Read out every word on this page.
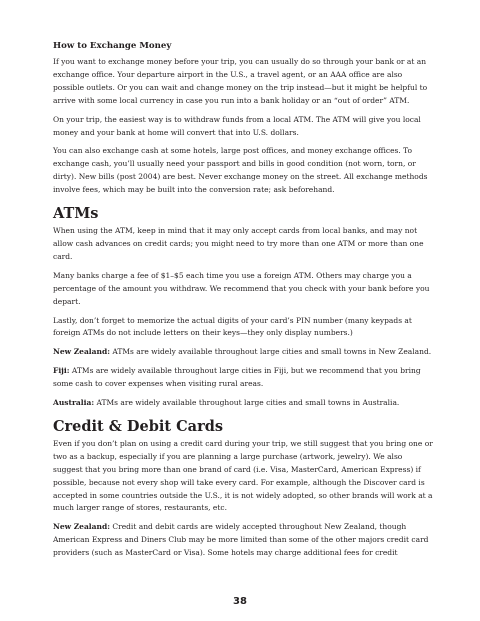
How to Exchange Money

If you want to exchange money before your trip, you can usually do so through your bank or at an exchange office. Your departure airport in the U.S., a travel agent, or an AAA office are also possible outlets. Or you can wait and change money on the trip instead—but it might be helpful to arrive with some local currency in case you run into a bank holiday or an “out of order” ATM.

On your trip, the easiest way is to withdraw funds from a local ATM. The ATM will give you local money and your bank at home will convert that into U.S. dollars.

You can also exchange cash at some hotels, large post offices, and money exchange offices. To exchange cash, you’ll usually need your passport and bills in good condition (not worn, torn, or dirty). New bills (post 2004) are best. Never exchange money on the street. All exchange methods involve fees, which may be built into the conversion rate; ask beforehand.

ATMs

When using the ATM, keep in mind that it may only accept cards from local banks, and may not allow cash advances on credit cards; you might need to try more than one ATM or more than one card.

Many banks charge a fee of $1–$5 each time you use a foreign ATM. Others may charge you a percentage of the amount you withdraw. We recommend that you check with your bank before you depart.

Lastly, don’t forget to memorize the actual digits of your card’s PIN number (many keypads at foreign ATMs do not include letters on their keys—they only display numbers.)

New Zealand: ATMs are widely available throughout large cities and small towns in New Zealand.

Fiji: ATMs are widely available throughout large cities in Fiji, but we recommend that you bring some cash to cover expenses when visiting rural areas.

Australia: ATMs are widely available throughout large cities and small towns in Australia.

Credit & Debit Cards

Even if you don’t plan on using a credit card during your trip, we still suggest that you bring one or two as a backup, especially if you are planning a large purchase (artwork, jewelry). We also suggest that you bring more than one brand of card (i.e. Visa, MasterCard, American Express) if possible, because not every shop will take every card. For example, although the Discover card is accepted in some countries outside the U.S., it is not widely adopted, so other brands will work at a much larger range of stores, restaurants, etc.

New Zealand: Credit and debit cards are widely accepted throughout New Zealand, though American Express and Diners Club may be more limited than some of the other majors credit card providers (such as MasterCard or Visa). Some hotels may charge additional fees for credit

38
